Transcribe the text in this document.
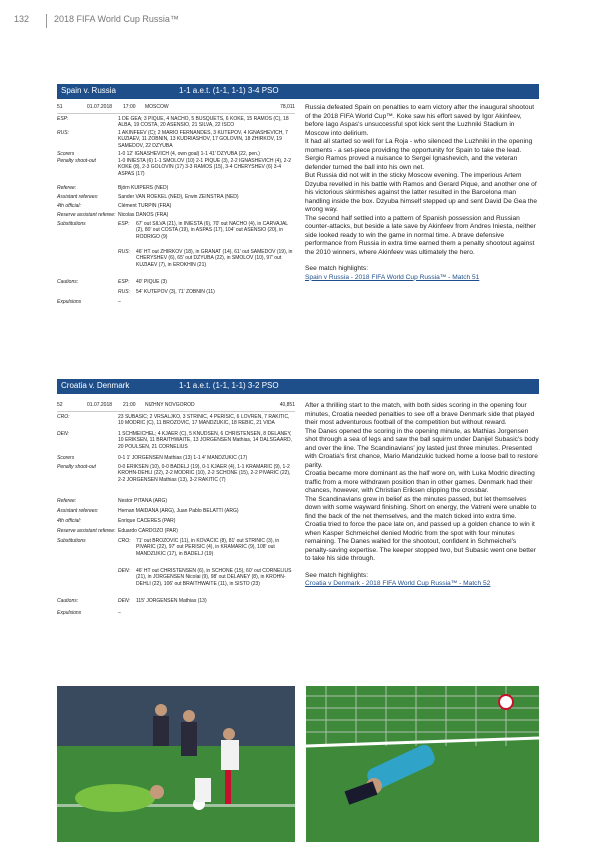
132	2018 FIFA World Cup Russia™
Spain v. Russia	1-1 a.e.t. (1-1, 1-1) 3-4 PSO
51	01.07.2018	17:00	MOSCOW	78,011
ESP:	1 DE GEA; 3 PIQUE, 4 NACHO, 5 BUSQUETS, 6 KOKE, 15 RAMOS (C), 18 ALBA, 19 COSTA, 20 ASENSIO, 21 SILVA, 22 ISCO
RUS:	1 AKINFEEV (C); 2 MARIO FERNANDES, 3 KUTEPOV, 4 IGNASHEVICH, 7 KUZIAEV, 11 ZOBNIN, 13 KUDRIASHOV, 17 GOLOVIN, 18 ZHIRKOV, 19 SAMEDOV, 22 DZYUBA
Scorers	1-0 12' IGNASHEVICH (4, own goal) 1-1 41' DZYUBA (22, pen.)
Penalty shoot-out	1-0 INIESTA (6) 1-1 SMOLOV (10) 2-1 PIQUE (3), 2-2 IGNASHEVICH (4), 2-2 KOKE (8), 2-3 GOLOVIN (17) 3-3 RAMOS (15), 3-4 CHERYSHEV (6) 3-4 ASPAS (17)
Referee:	Björn KUIPERS (NED)
Assistant referees:	Sander VAN ROEKEL (NED), Erwin ZEINSTRA (NED)
4th official:	Clément TURPIN (FRA)
Reserve assistant referee: Nicolas DANOS (FRA)
Substitutions	ESP:	67' out SILVA (21), in INIESTA (6), 70' out NACHO (4), in CARVAJAL (2), 80' out COSTA (19), in ASPAS (17), 104' out ASENSIO (20), in RODRIGO (9)
RUS:	46' HT out ZHIRKOV (18), in GRANAT (14), 61' out SAMEDOV (19), in CHERYSHEV (6), 65' out DZYUBA (22), in SMOLOV (10), 97' out KUZIAEV (7), in EROKHIN (21)
Cautions:	ESP:	40' PIQUE (3)
RUS:	54' KUTEPOV (3), 71' ZOBNIN (11)
Expulsions	–

Russia defeated Spain on penalties to earn victory after the inaugural shootout of the 2018 FIFA World Cup™. Koke saw his effort saved by Igor Akinfeev, before Iago Aspas's unsuccessful spot kick sent the Luzhniki Stadium in Moscow into delirium.

It had all started so well for La Roja - who silenced the Luzhniki in the opening moments - a set-piece providing the opportunity for Spain to take the lead. Sergio Ramos proved a nuisance to Sergei Ignashevich, and the veteran defender turned the ball into his own net.

But Russia did not wilt in the sticky Moscow evening. The imperious Artem Dzyuba revelled in his battle with Ramos and Gerard Pique, and another one of his victorious skirmishes against the latter resulted in the Barcelona man handling inside the box. Dzyuba himself stepped up and sent David De Gea the wrong way.

The second half settled into a pattern of Spanish possession and Russian counter-attacks, but beside a late save by Akinfeev from Andres Iniesta, neither side looked ready to win the game in normal time. A brave defensive performance from Russia in extra time earned them a penalty shootout against the 2010 winners, where Akinfeev was ultimately the hero.

See match highlights:

Spain v Russia - 2018 FIFA World Cup Russia™ - Match 51

Croatia v. Denmark	1-1 a.e.t. (1-1, 1-1) 3-2 PSO
52	01.07.2018	21:00	NIZHNY NOVGOROD	40,851
CRO:	23 SUBASIC; 2 VRSALJKO, 3 STRINIC, 4 PERISIC, 6 LOVREN, 7 RAKITIC, 10 MODRIC (C), 11 BROZOVIC, 17 MANDZUKIC, 18 REBIC, 21 VIDA
DEN:	1 SCHMEICHEL; 4 KJAER (C), 5 KNUDSEN, 6 CHRISTENSEN, 8 DELANEY, 10 ERIKSEN, 11 BRAITHWAITE, 13 JORGENSEN Mathias, 14 DALSGAARD, 20 POULSEN, 21 CORNELIUS
Scorers	0-1 1' JORGENSEN Mathias (13) 1-1 4' MANDZUKIC (17)
Penalty shoot-out	0-0 ERIKSEN (10), 0-0 BADELJ (19), 0-1 KJAER (4), 1-1 KRAMARIC (9), 1-2 KROHN-DEHLI (22), 2-2 MODRIC (10), 2-2 SCHONE (15), 2-2 PIVARIC (22), 2-2 JORGENSEN Mathias (13), 3-2 RAKITIC (7)
Referee:	Nestor PITANA (ARG)
Assistant referees:	Hernan MAIDANA (ARG), Juan Pablo BELATTI (ARG)
4th official:	Enrique CACERES (PAR)
Reserve assistant referee: Eduardo CARDOZO (PAR)
Substitutions	CRO:	71' out BROZOVIC (11), in KOVACIC (8), 81' out STRINIC (3), in PIVARIC (22), 97' out PERISIC (4), in KRAMARIC (9), 108' out MANDZUKIC (17), in BADELJ (19)
DEN:	46' HT out CHRISTENSEN (6), in SCHONE (15), 60' out CORNELIUS (21), in JORGENSEN Nicolai (9), 98' out DELANEY (8), in KROHN-DEHLI (22), 106' out BRAITHWAITE (11), in SISTO (23)
Cautions:	DEN:	115' JORGENSEN Mathias (13)
Expulsions	–

After a thrilling start to the match, with both sides scoring in the opening four minutes, Croatia needed penalties to see off a brave Denmark side that played their most adventurous football of the competition but without reward.

The Danes opened the scoring in the opening minute, as Mathias Jorgensen shot through a sea of legs and saw the ball squirm under Danijel Subasic's body and over the line. The Scandinavians' joy lasted just three minutes. Presented with Croatia's first chance, Mario Mandzukic tucked home a loose ball to restore parity.

Croatia became more dominant as the half wore on, with Luka Modric directing traffic from a more withdrawn position than in other games. Denmark had their chances, however, with Christian Eriksen clipping the crossbar.

The Scandinavians grew in belief as the minutes passed, but let themselves down with some wayward finishing. Short on energy, the Vatreni were unable to find the back of the net themselves, and the match ticked into extra time. Croatia tried to force the pace late on, and passed up a golden chance to win it when Kasper Schmeichel denied Modric from the spot with four minutes remaining. The Danes waited for the shootout, confident in Schmeichel's penalty-saving expertise. The keeper stopped two, but Subasic went one better to take his side through.

See match highlights:

Croatia v Denmark - 2018 FIFA World Cup Russia™ - Match 52
